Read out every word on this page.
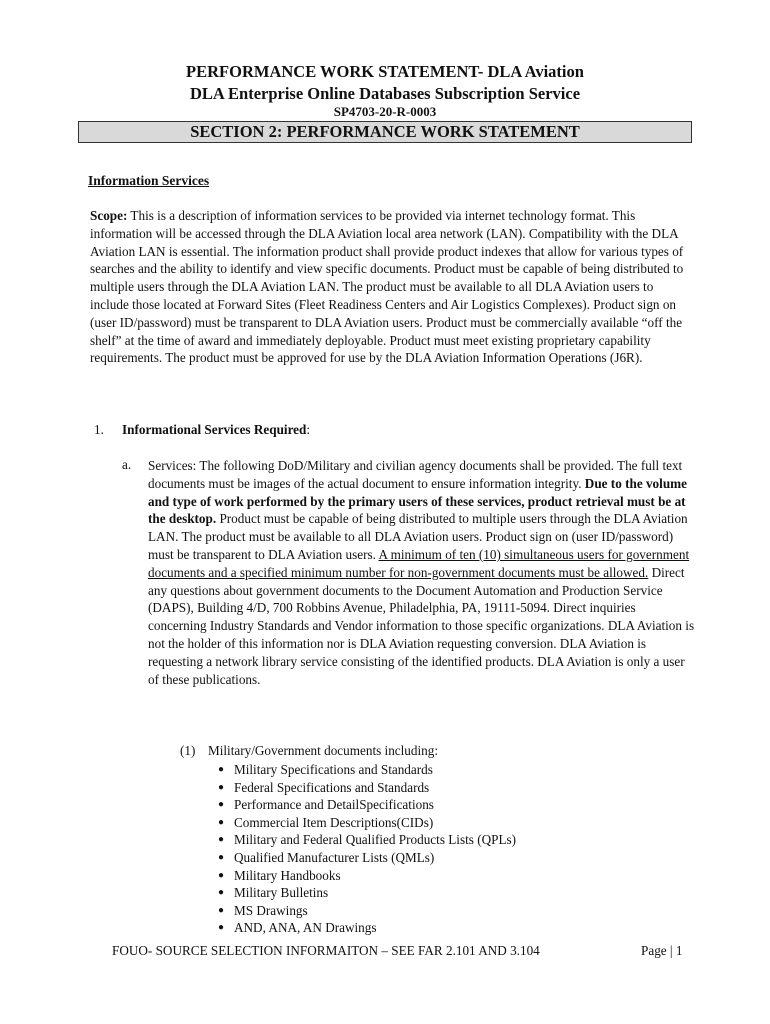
PERFORMANCE WORK STATEMENT- DLA Aviation

DLA Enterprise Online Databases Subscription Service

SP4703-20-R-0003

SECTION 2: PERFORMANCE WORK STATEMENT

Information Services

Scope: This is a description of information services to be provided via internet technology format. This information will be accessed through the DLA Aviation local area network (LAN). Compatibility with the DLA Aviation LAN is essential. The information product shall provide product indexes that allow for various types of searches and the ability to identify and view specific documents. Product must be capable of being distributed to multiple users through the DLA Aviation LAN. The product must be available to all DLA Aviation users to include those located at Forward Sites (Fleet Readiness Centers and Air Logistics Complexes). Product sign on (user ID/password) must be transparent to DLA Aviation users. Product must be commercially available “off the shelf” at the time of award and immediately deployable. Product must meet existing proprietary capability requirements. The product must be approved for use by the DLA Aviation Information Operations (J6R).

1. Informational Services Required:
a. Services: The following DoD/Military and civilian agency documents shall be provided. The full text documents must be images of the actual document to ensure information integrity. Due to the volume and type of work performed by the primary users of these services, product retrieval must be at the desktop. Product must be capable of being distributed to multiple users through the DLA Aviation LAN. The product must be available to all DLA Aviation users. Product sign on (user ID/password) must be transparent to DLA Aviation users. A minimum of ten (10) simultaneous users for government documents and a specified minimum number for non-government documents must be allowed. Direct any questions about government documents to the Document Automation and Production Service (DAPS), Building 4/D, 700 Robbins Avenue, Philadelphia, PA, 19111-5094. Direct inquiries concerning Industry Standards and Vendor information to those specific organizations. DLA Aviation is not the holder of this information nor is DLA Aviation requesting conversion. DLA Aviation is requesting a network library service consisting of the identified products. DLA Aviation is only a user of these publications.

(1) Military/Government documents including:
● Military Specifications and Standards
● Federal Specifications and Standards
● Performance and DetailSpecifications
● Commercial Item Descriptions(CIDs)
● Military and Federal Qualified Products Lists (QPLs)
● Qualified Manufacturer Lists (QMLs)
● Military Handbooks
● Military Bulletins
● MS Drawings
● AND, ANA, AN Drawings
FOUO- SOURCE SELECTION INFORMAITON – SEE FAR 2.101 AND 3.104	Page | 1
